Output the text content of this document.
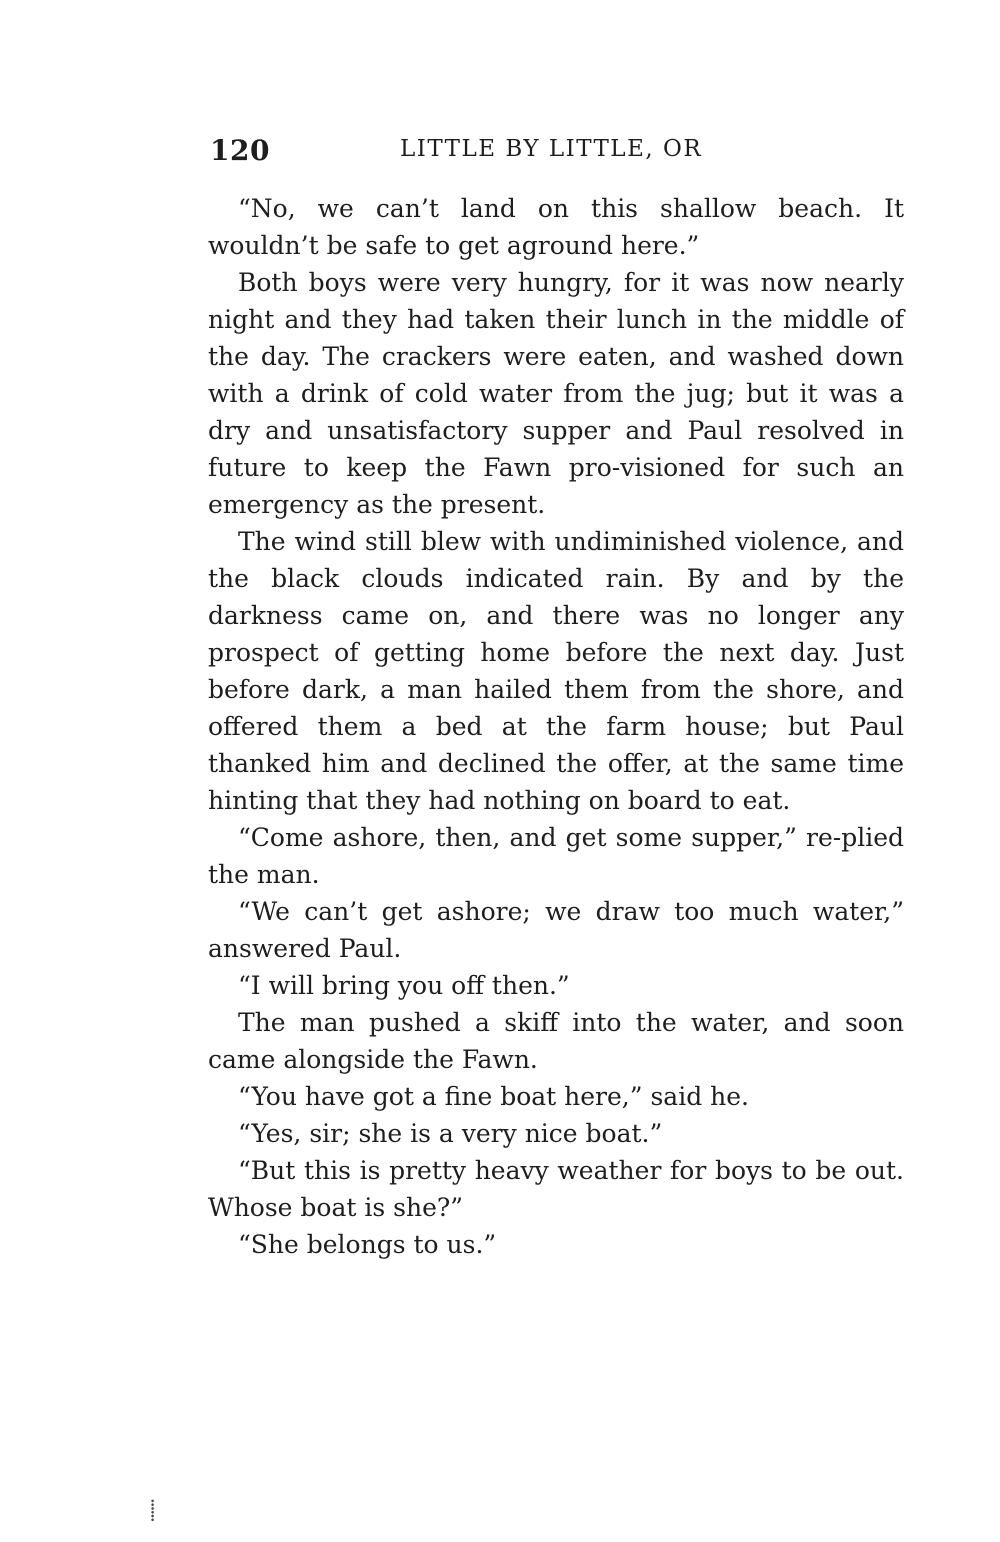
120	LITTLE BY LITTLE, OR

“No, we can’t land on this shallow beach. It wouldn’t be safe to get aground here.”

Both boys were very hungry, for it was now nearly night and they had taken their lunch in the middle of the day. The crackers were eaten, and washed down with a drink of cold water from the jug; but it was a dry and unsatisfactory supper and Paul resolved in future to keep the Fawn pro-visioned for such an emergency as the present.

The wind still blew with undiminished violence, and the black clouds indicated rain. By and by the darkness came on, and there was no longer any prospect of getting home before the next day. Just before dark, a man hailed them from the shore, and offered them a bed at the farm house; but Paul thanked him and declined the offer, at the same time hinting that they had nothing on board to eat.

“Come ashore, then, and get some supper,” re-plied the man.

“We can’t get ashore; we draw too much water,” answered Paul.

“I will bring you off then.”

The man pushed a skiff into the water, and soon came alongside the Fawn.

“You have got a fine boat here,” said he.

“Yes, sir; she is a very nice boat.”

“But this is pretty heavy weather for boys to be out. Whose boat is she?”

“She belongs to us.”

⸽
